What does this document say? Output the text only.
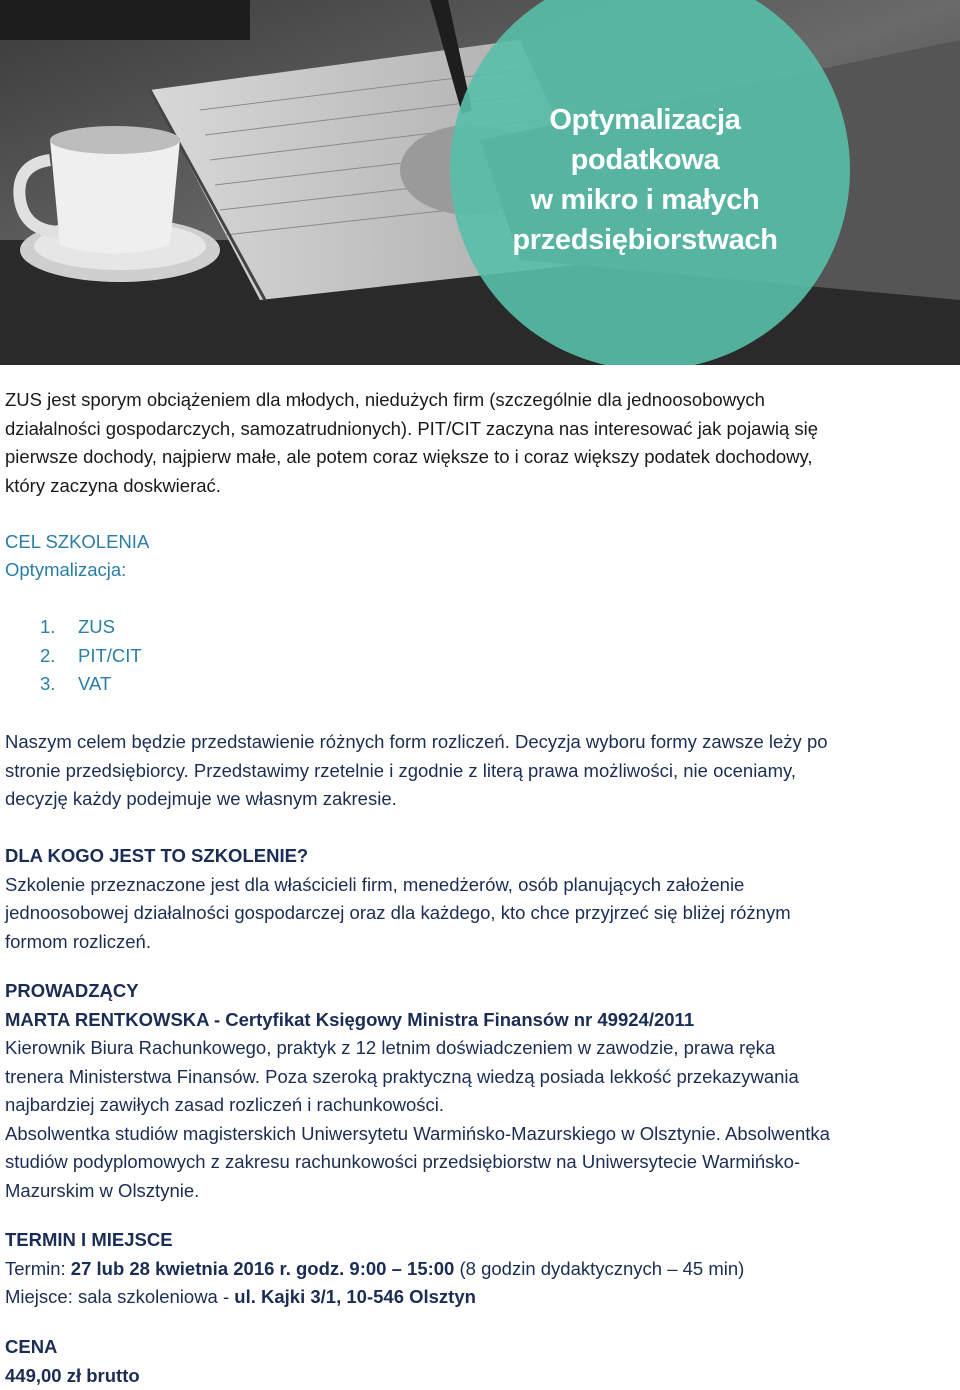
Optymalizacja
podatkowa
w mikro i małych
przedsiębiorstwach
ZUS jest sporym obciążeniem dla młodych, niedużych firm (szczególnie dla jednoosobowych
działalności gospodarczych, samozatrudnionych). PIT/CIT zaczyna nas interesować jak pojawią się
pierwsze dochody, najpierw małe, ale potem coraz większe to i coraz większy podatek dochodowy,
który zaczyna doskwierać.
CEL SZKOLENIA
Optymalizacja:
1.	ZUS
2.	PIT/CIT
3.	VAT
Naszym celem będzie przedstawienie różnych form rozliczeń. Decyzja wyboru formy zawsze leży po
stronie przedsiębiorcy. Przedstawimy rzetelnie i zgodnie z literą prawa możliwości, nie oceniamy,
decyzję każdy podejmuje we własnym zakresie.
DLA KOGO JEST TO SZKOLENIE?
Szkolenie przeznaczone jest dla właścicieli firm, menedżerów, osób planujących założenie
jednoosobowej działalności gospodarczej oraz dla każdego, kto chce przyjrzeć się bliżej różnym
formom rozliczeń.
PROWADZĄCY
MARTA RENTKOWSKA - Certyfikat Księgowy Ministra Finansów nr 49924/2011
Kierownik Biura Rachunkowego, praktyk z 12 letnim doświadczeniem w zawodzie, prawa ręka
trenera Ministerstwa Finansów. Poza szeroką praktyczną wiedzą posiada lekkość przekazywania
najbardziej zawiłych zasad rozliczeń i rachunkowości.
Absolwentka studiów magisterskich Uniwersytetu Warmińsko-Mazurskiego w Olsztynie. Absolwentka
studiów podyplomowych z zakresu rachunkowości przedsiębiorstw na Uniwersytecie Warmińsko-
Mazurskim w Olsztynie.
TERMIN I MIEJSCE
Termin: 27 lub 28 kwietnia 2016 r. godz. 9:00 – 15:00 (8 godzin dydaktycznych – 45 min)
Miejsce: sala szkoleniowa - ul. Kajki 3/1, 10-546 Olsztyn
CENA
449,00 zł brutto
